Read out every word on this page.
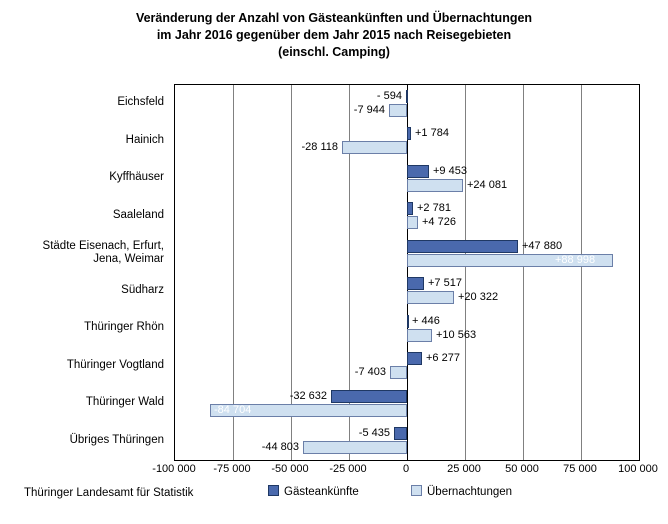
Veränderung der Anzahl von Gästeankünften und Übernachtungen
im Jahr 2016 gegenüber dem Jahr 2015 nach Reisegebieten
(einschl. Camping)
Eichsfeld
Hainich
Kyffhäuser
Saaleland
Städte Eisenach, Erfurt,
Jena, Weimar
Südharz
Thüringer Rhön
Thüringer Vogtland
Thüringer Wald
Übriges Thüringen
- 594
-7 944
+1 784
-28 118
+9 453
+24 081
+2 781
+4 726
+47 880
+88 998
+7 517
+20 322
+ 446
+10 563
+6 277
-7 403
-32 632
-84 704
-5 435
-44 803
-100 000 -75 000 -50 000 -25 000	0	25 000 50 000 75 000 100 000
Thüringer Landesamt für Statistik	Gästeankünfte	Übernachtungen
